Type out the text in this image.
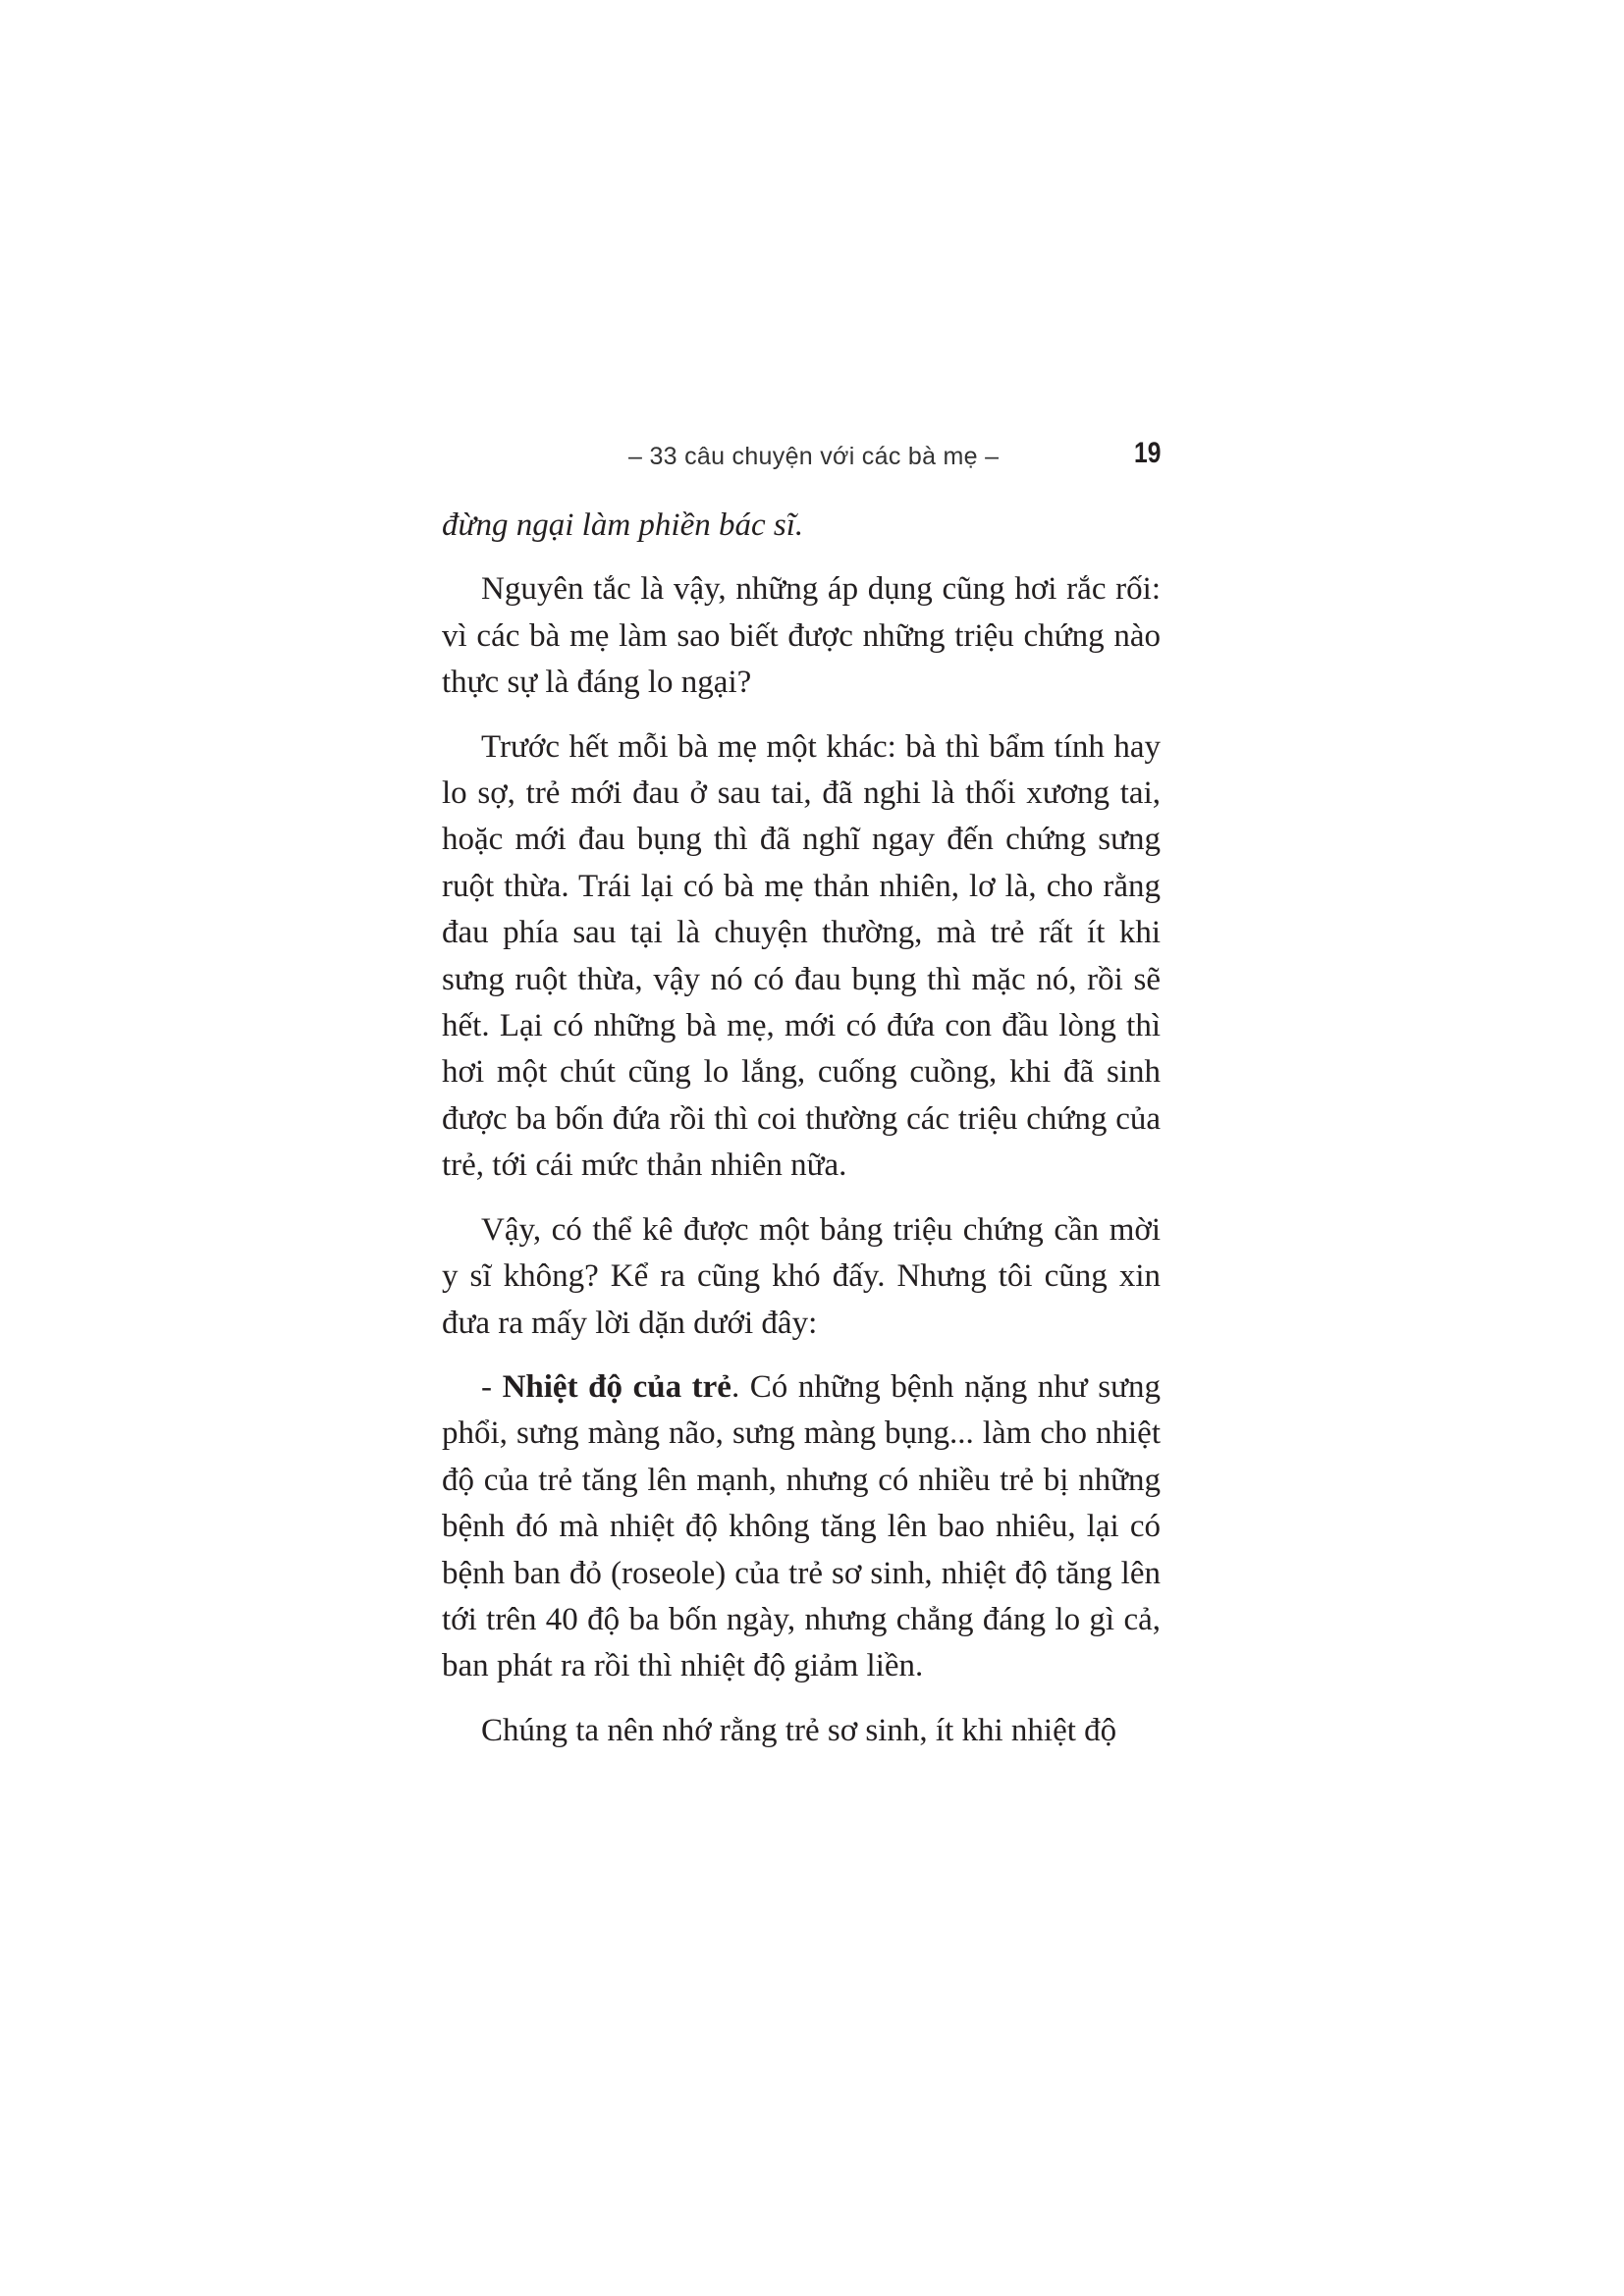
– 33 câu chuyện với các bà mẹ –	19

đừng ngại làm phiền bác sĩ.

Nguyên tắc là vậy, những áp dụng cũng hơi rắc rối: vì các bà mẹ làm sao biết được những triệu chứng nào thực sự là đáng lo ngại?

Trước hết mỗi bà mẹ một khác: bà thì bẩm tính hay lo sợ, trẻ mới đau ở sau tai, đã nghi là thối xương tai, hoặc mới đau bụng thì đã nghĩ ngay đến chứng sưng ruột thừa. Trái lại có bà mẹ thản nhiên, lơ là, cho rằng đau phía sau tại là chuyện thường, mà trẻ rất ít khi sưng ruột thừa, vậy nó có đau bụng thì mặc nó, rồi sẽ hết. Lại có những bà mẹ, mới có đứa con đầu lòng thì hơi một chút cũng lo lắng, cuống cuồng, khi đã sinh được ba bốn đứa rồi thì coi thường các triệu chứng của trẻ, tới cái mức thản nhiên nữa.

Vậy, có thể kê được một bảng triệu chứng cần mời y sĩ không? Kể ra cũng khó đấy. Nhưng tôi cũng xin đưa ra mấy lời dặn dưới đây:

- Nhiệt độ của trẻ. Có những bệnh nặng như sưng phổi, sưng màng não, sưng màng bụng... làm cho nhiệt độ của trẻ tăng lên mạnh, nhưng có nhiều trẻ bị những bệnh đó mà nhiệt độ không tăng lên bao nhiêu, lại có bệnh ban đỏ (roseole) của trẻ sơ sinh, nhiệt độ tăng lên tới trên 40 độ ba bốn ngày, nhưng chẳng đáng lo gì cả, ban phát ra rồi thì nhiệt độ giảm liền.

Chúng ta nên nhớ rằng trẻ sơ sinh, ít khi nhiệt độ
